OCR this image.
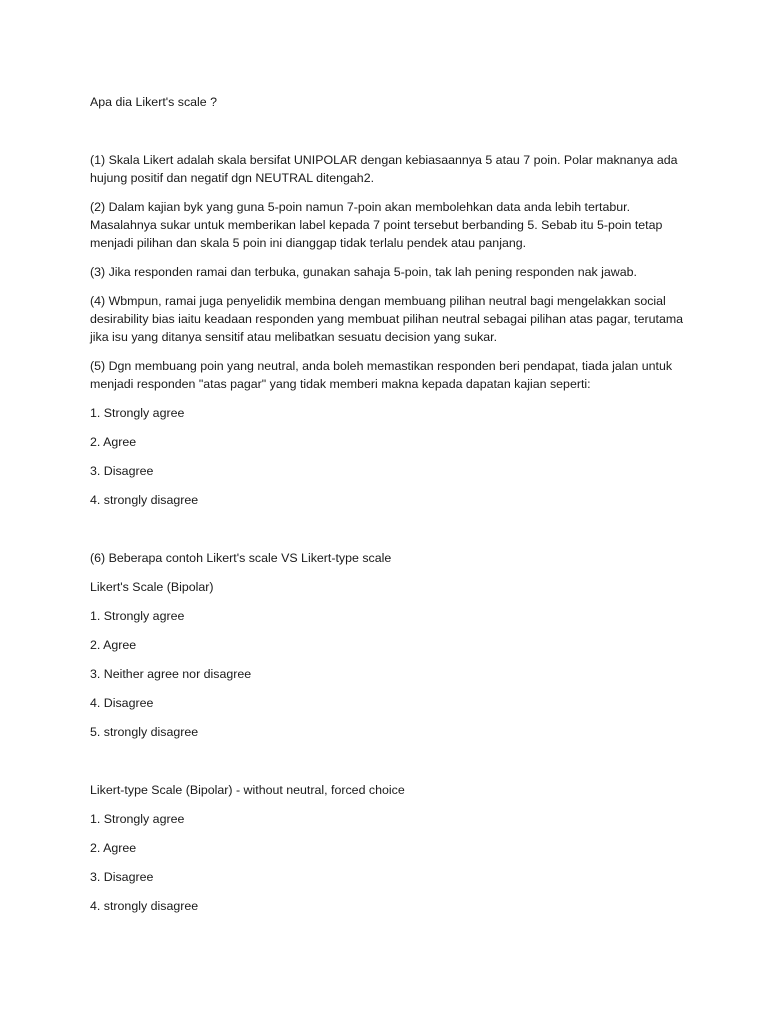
Apa dia Likert's scale ?

(1) Skala Likert adalah skala bersifat UNIPOLAR dengan kebiasaannya 5 atau 7 poin. Polar maknanya ada hujung positif dan negatif dgn NEUTRAL ditengah2.

(2) Dalam kajian byk yang guna 5-poin namun 7-poin akan membolehkan data anda lebih tertabur. Masalahnya sukar untuk memberikan label kepada 7 point tersebut berbanding 5. Sebab itu 5-poin tetap menjadi pilihan dan skala 5 poin ini dianggap tidak terlalu pendek atau panjang.

(3) Jika responden ramai dan terbuka, gunakan sahaja 5-poin, tak lah pening responden nak jawab.

(4) Wbmpun, ramai juga penyelidik membina dengan membuang pilihan neutral bagi mengelakkan social desirability bias iaitu keadaan responden yang membuat pilihan neutral sebagai pilihan atas pagar, terutama jika isu yang ditanya sensitif atau melibatkan sesuatu decision yang sukar.

(5) Dgn membuang poin yang neutral, anda boleh memastikan responden beri pendapat, tiada jalan untuk menjadi responden "atas pagar" yang tidak memberi makna kepada dapatan kajian seperti:

1. Strongly agree

2. Agree

3. Disagree

4. strongly disagree

(6) Beberapa contoh Likert's scale VS Likert-type scale

Likert's Scale (Bipolar)

1. Strongly agree

2. Agree

3. Neither agree nor disagree

4. Disagree

5. strongly disagree

Likert-type Scale (Bipolar) - without neutral, forced choice

1. Strongly agree

2. Agree

3. Disagree

4. strongly disagree
